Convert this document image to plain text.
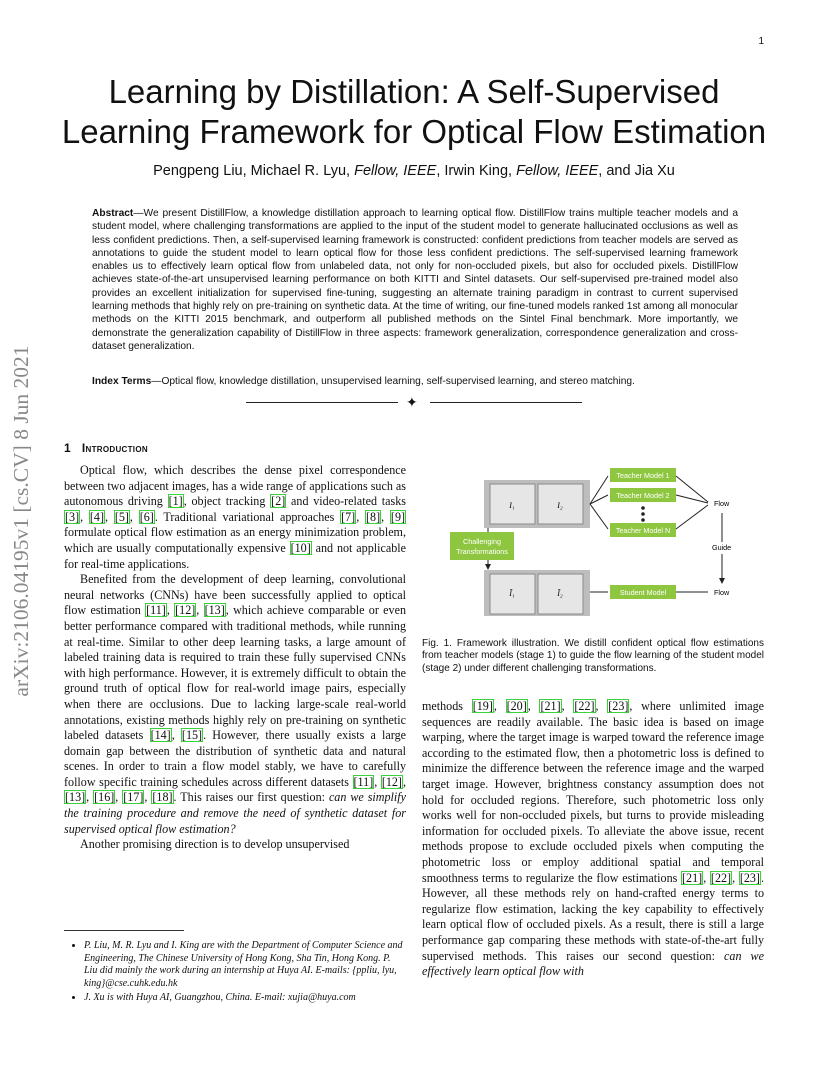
1
Learning by Distillation: A Self-Supervised
Learning Framework for Optical Flow Estimation
Pengpeng Liu, Michael R. Lyu, Fellow, IEEE, Irwin King, Fellow, IEEE, and Jia Xu
Abstract—We present DistillFlow, a knowledge distillation approach to learning optical flow. DistillFlow trains multiple teacher models and a student model, where challenging transformations are applied to the input of the student model to generate hallucinated occlusions as well as less confident predictions. Then, a self-supervised learning framework is constructed: confident predictions from teacher models are served as annotations to guide the student model to learn optical flow for those less confident predictions. The self-supervised learning framework enables us to effectively learn optical flow from unlabeled data, not only for non-occluded pixels, but also for occluded pixels. DistillFlow achieves state-of-the-art unsupervised learning performance on both KITTI and Sintel datasets. Our self-supervised pre-trained model also provides an excellent initialization for supervised fine-tuning, suggesting an alternate training paradigm in contrast to current supervised learning methods that highly rely on pre-training on synthetic data. At the time of writing, our fine-tuned models ranked 1st among all monocular methods on the KITTI 2015 benchmark, and outperform all published methods on the Sintel Final benchmark. More importantly, we demonstrate the generalization capability of DistillFlow in three aspects: framework generalization, correspondence generalization and cross-dataset generalization.
Index Terms—Optical flow, knowledge distillation, unsupervised learning, self-supervised learning, and stereo matching.
✦
arXiv:2106.04195v1 [cs.CV] 8 Jun 2021	1 Introduction

Optical flow, which describes the dense pixel correspondence between two adjacent images, has a wide range of applications such as autonomous driving [1], object tracking [2] and video-related tasks [3], [4], [5], [6]. Traditional variational approaches [7], [8], [9] formulate optical flow estimation as an energy minimization problem, which are usually computationally expensive [10] and not applicable for real-time applications.

Benefited from the development of deep learning, convolutional neural networks (CNNs) have been successfully applied to optical flow estimation [11], [12], [13], which achieve comparable or even better performance compared with traditional methods, while running at real-time. Similar to other deep learning tasks, a large amount of labeled training data is required to train these fully supervised CNNs with high performance. However, it is extremely difficult to obtain the ground truth of optical flow for real-world image pairs, especially when there are occlusions. Due to lacking large-scale real-world annotations, existing methods highly rely on pre-training on synthetic labeled datasets [14], [15]. However, there usually exists a large domain gap between the distribution of synthetic data and natural scenes. In order to train a flow model stably, we have to carefully follow specific training schedules across different datasets [11], [12], [13], [16], [17], [18]. This raises our first question: can we simplify the training procedure and remove the need of synthetic dataset for supervised optical flow estimation?

Another promising direction is to develop unsupervised

• P. Liu, M. R. Lyu and I. King are with the Department of Computer Science and Engineering, The Chinese University of Hong Kong, Sha Tin, Hong Kong. P. Liu did mainly the work during an internship at Huya AI. E-mails: {ppliu, lyu, king}@cse.cuhk.edu.hk
• J. Xu is with Huya AI, Guangzhou, China. E-mail: xujia@huya.com
I₁	I₂
Ĩ₁	Ĩ₂
Challenging
Transformations
Teacher Model 1
Teacher Model 2
Teacher Model N
Flow
Guide
Student Model	Flow
Fig. 1. Framework illustration. We distill confident optical flow estimations from teacher models (stage 1) to guide the flow learning of the student model (stage 2) under different challenging transformations.

methods [19], [20], [21], [22], [23], where unlimited image sequences are readily available. The basic idea is based on image warping, where the target image is warped toward the reference image according to the estimated flow, then a photometric loss is defined to minimize the difference between the reference image and the warped target image. However, brightness constancy assumption does not hold for occluded regions. Therefore, such photometric loss only works well for non-occluded pixels, but turns to provide misleading information for occluded pixels. To alleviate the above issue, recent methods propose to exclude occluded pixels when computing the photometric loss or employ additional spatial and temporal smoothness terms to regularize the flow estimations [21], [22], [23]. However, all these methods rely on hand-crafted energy terms to regularize flow estimation, lacking the key capability to effectively learn optical flow of occluded pixels. As a result, there is still a large performance gap comparing these methods with state-of-the-art fully supervised methods. This raises our second question: can we effectively learn optical flow with
